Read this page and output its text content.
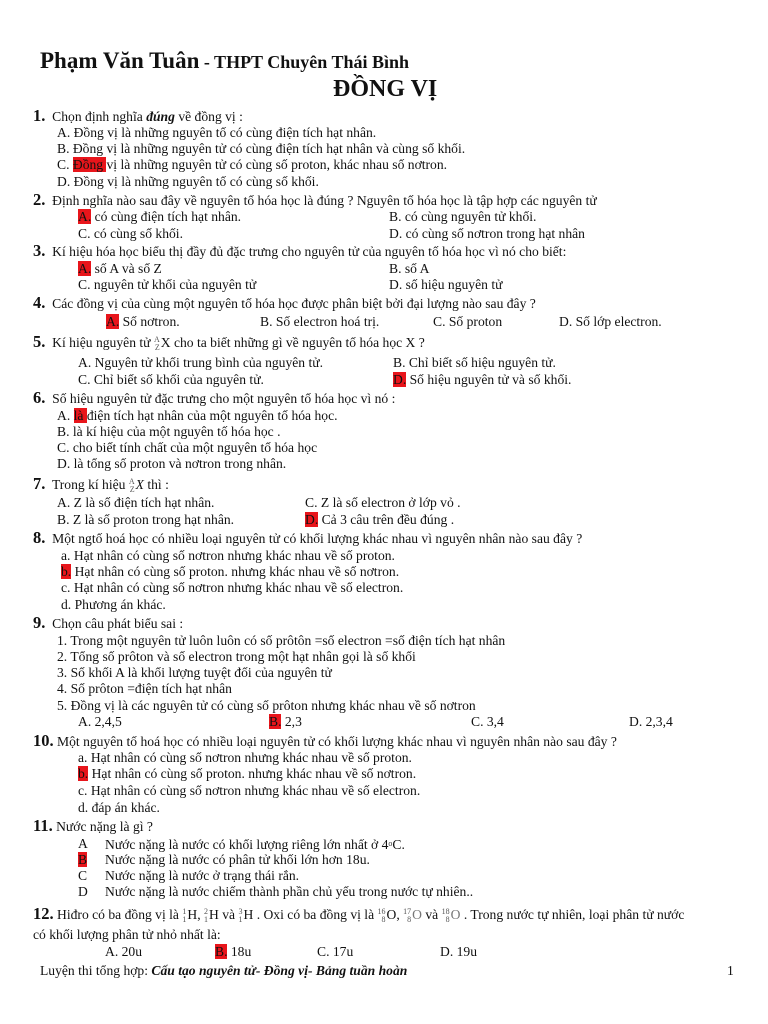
Phạm Văn Tuân - THPT Chuyên Thái Bình
ĐỒNG VỊ
1. Chọn định nghĩa đúng về đồng vị :
A. Đồng vị là những nguyên tố có cùng điện tích hạt nhân.
B. Đồng vị là những nguyên tử có cùng điện tích hạt nhân và cùng số khối.
C. Đồng vị là những nguyên tử có cùng số proton, khác nhau số nơtron.
D. Đồng vị là những nguyên tố có cùng số khối.
2. Định nghĩa nào sau đây về nguyên tố hóa học là đúng ? Nguyên tố hóa học là tập hợp các nguyên tử
A. có cùng điện tích hạt nhân.	B. có cùng nguyên tử khối.
C. có cùng số khối.	D. có cùng số nơtron trong hạt nhân
3. Kí hiệu hóa học biểu thị đầy đủ đặc trưng cho nguyên tử của nguyên tố hóa học vì nó cho biết:
A. số A và số Z	B. số A
C. nguyên tử khối của nguyên tử	D. số hiệu nguyên tử
4. Các đồng vị của cùng một nguyên tố hóa học được phân biệt bởi đại lượng nào sau đây ?
A. Số nơtron.	B. Số electron hoá trị.	C. Số proton	D. Số lớp electron.
5. Kí hiệu nguyên tử A
Z X cho ta biết những gì về nguyên tố hóa học X ?
A. Nguyên tử khối trung bình của nguyên tử.	B. Chỉ biết số hiệu nguyên tử.
C. Chỉ biết số khối của nguyên tử.	D. Số hiệu nguyên tử và số khối.
6. Số hiệu nguyên tử đặc trưng cho một nguyên tố hóa học vì nó :
A. là điện tích hạt nhân của một nguyên tố hóa học.
B. là kí hiệu của một nguyên tố hóa học .
C. cho biết tính chất của một nguyên tố hóa học
D. là tổng số proton và nơtron trong nhân.
7. Trong kí hiệu A
Z X thì :
A. Z là số điện tích hạt nhân.	C. Z là số electron ở lớp vỏ .
B. Z là số proton trong hạt nhân.	D. Cả 3 câu trên đều đúng .
8. Một ngtố hoá học có nhiều loại nguyên tử có khối lượng khác nhau vì nguyên nhân nào sau đây ?
a. Hạt nhân có cùng số nơtron nhưng khác nhau về số proton.
b. Hạt nhân có cùng số proton. nhưng khác nhau về số nơtron.
c. Hạt nhân có cùng số nơtron nhưng khác nhau về số electron.
d. Phương án khác.
9. Chọn câu phát biểu sai :
1. Trong một nguyên tử luôn luôn có số prôtôn =số electron =số điện tích hạt nhân
2. Tổng số prôton và số electron trong một hạt nhân gọi là số khối
3. Số khối A là khối lượng tuyệt đối của nguyên tử
4. Số prôton =điện tích hạt nhân
5. Đồng vị là các nguyên tử có cùng số prôton nhưng khác nhau về số nơtron
A. 2,4,5	B. 2,3	C. 3,4	D. 2,3,4
10. Một nguyên tố hoá học có nhiều loại nguyên tử có khối lượng khác nhau vì nguyên nhân nào sau đây ?
a. Hạt nhân có cùng số nơtron nhưng khác nhau về số proton.
b. Hạt nhân có cùng số proton. nhưng khác nhau về số nơtron.
c. Hạt nhân có cùng số nơtron nhưng khác nhau về số electron.
d. đáp án khác.
11. Nước nặng là gì ?
A Nước nặng là nước có khối lượng riêng lớn nhất ở 4$^o$C.
B Nước nặng là nước có phân tử khối lớn hơn 18u.
C Nước nặng là nước ở trạng thái rắn.
D Nước nặng là nước chiếm thành phần chủ yếu trong nước tự nhiên..
12. Hiđro có ba đồng vị là 1
1 H, 2
1 H và 3
1 H . Oxi có ba đồng vị là 16
8 O, 17
8 O và 18
8 O . Trong nước tự nhiên, loại phân tử nước
có khối lượng phân tử nhỏ nhất là:
A. 20u	B. 18u	C. 17u	D. 19u
Luyện thi tổng hợp: Cấu tạo nguyên tử- Đồng vị- Bảng tuần hoàn	1
